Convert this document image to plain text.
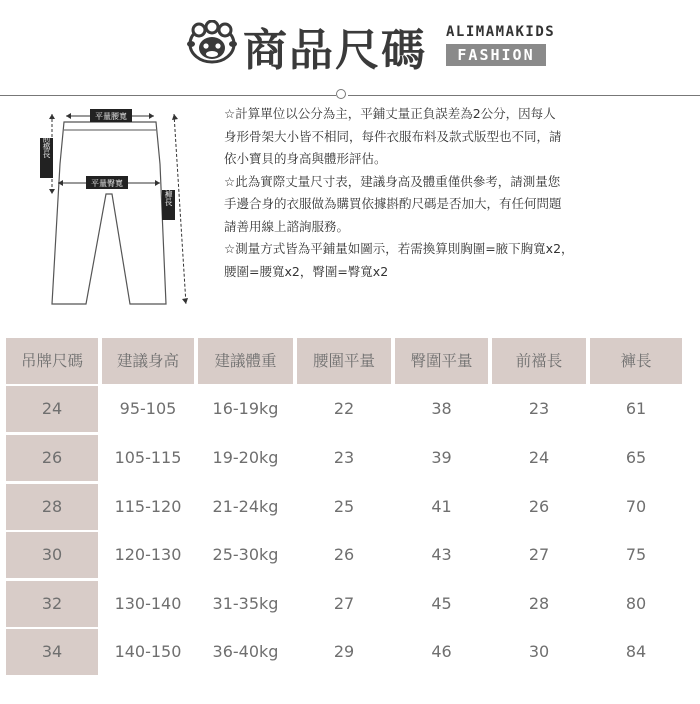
商品尺碼 ALIMAMAKIDS
FASHION
平量腰寬
平量臀寬
前襠長
褲長
☆計算單位以公分為主，平鋪丈量正負誤差為2公分，因每人
身形骨架大小皆不相同，每件衣服布料及款式版型也不同，請
依小寶貝的身高與體形評估。
☆此為實際丈量尺寸表，建議身高及體重僅供參考，請測量您
手邊合身的衣服做為購買依據斟酌尺碼是否加大，有任何問題
請善用線上諮詢服務。
☆測量方式皆為平鋪量如圖示，若需換算則胸圍=腋下胸寬x2，
腰圍=腰寬x2，臀圍=臀寬x2
吊牌尺碼	建議身高	建議體重	腰圍平量	臀圍平量	前襠長	褲長
24	95-105	16-19kg	22	38	23	61
26	105-115	19-20kg	23	39	24	65
28	115-120	21-24kg	25	41	26	70
30	120-130	25-30kg	26	43	27	75
32	130-140	31-35kg	27	45	28	80
34	140-150	36-40kg	29	46	30	84
